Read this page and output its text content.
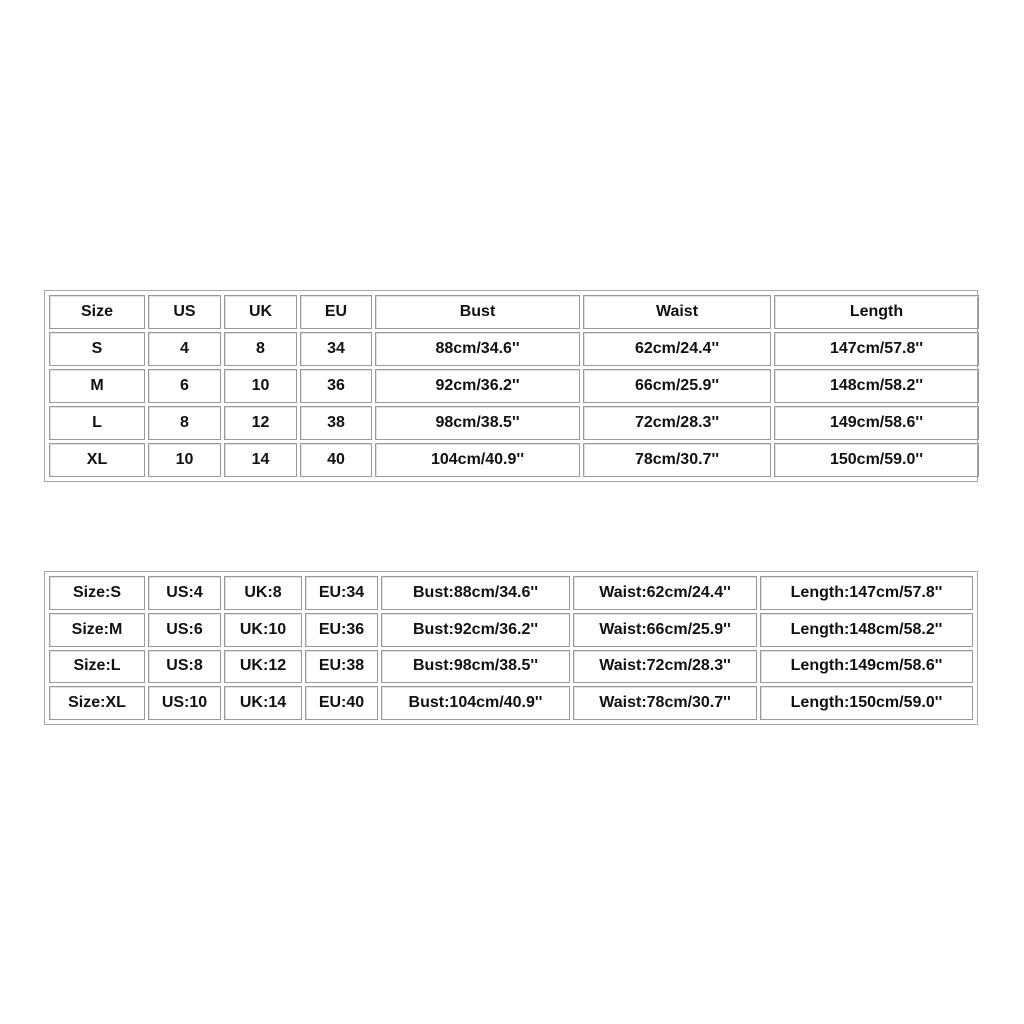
Size	US	UK	EU	Bust	Waist	Length
S	4	8	34	88cm/34.6''	62cm/24.4''	147cm/57.8''
M	6	10	36	92cm/36.2''	66cm/25.9''	148cm/58.2''
L	8	12	38	98cm/38.5''	72cm/28.3''	149cm/58.6''
XL	10	14	40	104cm/40.9''	78cm/30.7''	150cm/59.0''
Size:S	US:4	UK:8	EU:34	Bust:88cm/34.6''	Waist:62cm/24.4''	Length:147cm/57.8''
Size:M	US:6	UK:10	EU:36	Bust:92cm/36.2''	Waist:66cm/25.9''	Length:148cm/58.2''
Size:L	US:8	UK:12	EU:38	Bust:98cm/38.5''	Waist:72cm/28.3''	Length:149cm/58.6''
Size:XL	US:10	UK:14	EU:40	Bust:104cm/40.9''	Waist:78cm/30.7''	Length:150cm/59.0''
